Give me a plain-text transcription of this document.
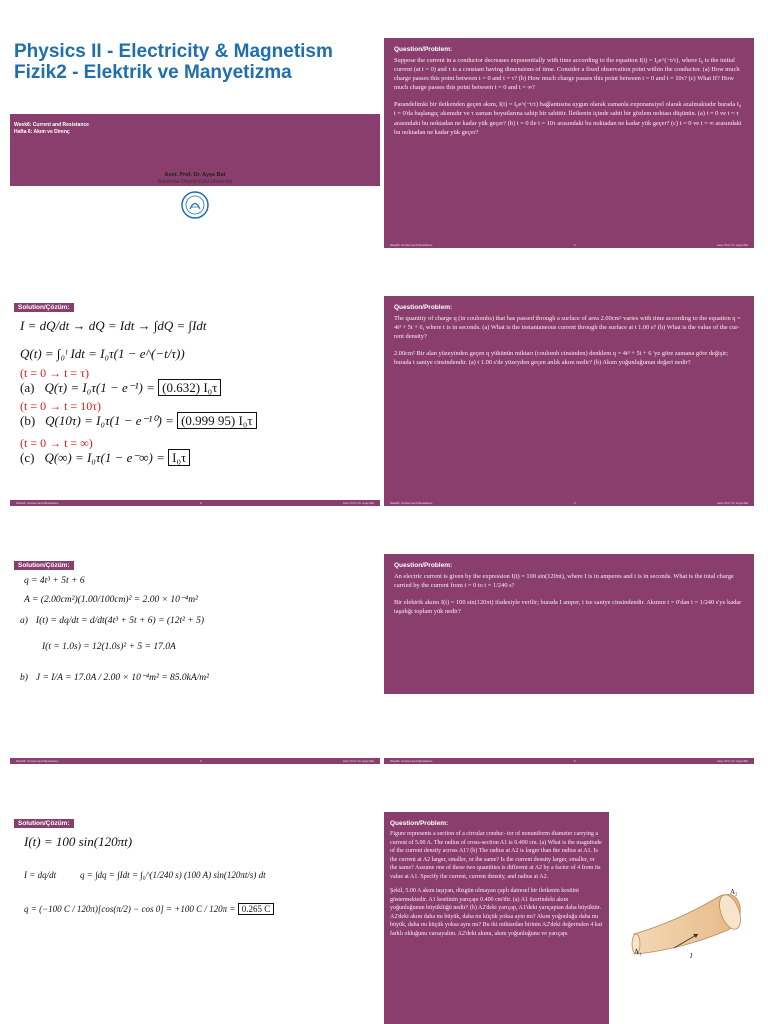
Physics II - Electricity & Magnetism
Fizik2 - Elektrik ve Manyetizma
Week6: Current and Resistance
Hafta 6: Akım ve Direnç
Asst. Prof. Dr. Ayşe Bat
Bandırma Onyedi Eylül University
Question/Problem:

Suppose the current in a conductor decreases exponentially with time according to the equation I(t) = I₀e^(−t/τ), where I₀ is the initial current (at t = 0) and τ is a constant having dimensions of time. Consider a fixed observation point within the conductor. (a) How much charge passes this point between t = 0 and t = τ? (b) How much charge passes this point between t = 0 and t = 10τ? (c) What If? How much charge passes this point between t = 0 and t = ∞?

Parandelimki bir iletkenden geçen akım, I(t) = I₀e^(−t/τ) bağlantısına uygun olarak zamanla exponansiyel olarak azalmaktadır burada I₀ t = 0'da başlangıç akımıdır ve τ zaman boyutlarına sahip bir sabittir. İletkenin içinde sabit bir gözlem noktası düşünün. (a) t = 0 ve t = τ arasındaki bu noktadan ne kadar yük geçer? (b) t = 0 ile t = 10τ arasındaki bu noktadan ne kadar yük geçer? (c) t = 0 ve t = ∞ arasındaki bu noktadan ne kadar yük geçer?

Week6: Current and Resistance	2	Asst. Prof. Dr. Ayşe Bat
Solution/Çözüm:
I = dQ/dt → dQ = Idt → ∫dQ = ∫Idt
Q(t) = ∫₀ᵗ Idt = I₀τ(1 − e^(−t/τ))
(t = 0 → t = τ)
(a) Q(τ) = I₀τ(1 − e⁻¹) = (0.632) I₀τ
(t = 0 → t = 10τ)
(b) Q(10τ) = I₀τ(1 − e⁻¹⁰) = (0.999 95) I₀τ
(t = 0 → t = ∞)
(c) Q(∞) = I₀τ(1 − e⁻∞) = I₀τ
Week6: Current and Resistance	3	Asst. Prof. Dr. Ayşe Bat
Question/Problem:

The quantity of charge q (in coulombs) that has passed through a surface of area 2.00cm² varies with time according to the equation q = 4t³ + 5t + 6, where t is in seconds. (a) What is the instantaneous current through the surface at t 1.00 s? (b) What is the value of the cur- rent density?

2.00cm² Bir alan yüzeyinden geçen q yükünün miktarı (coulomb cinsinden) denklem q = 4t³ + 5t + 6 'ye göre zamana göre değişir; burada t saniye cinsindendir. (a) t 1.00 s'de yüzeyden geçen anlık akım nedir? (b) Akım yoğunluğunun değeri nedir?

Week6: Current and Resistance	3	Asst. Prof. Dr. Ayşe Bat
Solution/Çözüm:
q = 4t³ + 5t + 6
A = (2.00cm²)(1.00/100cm)² = 2.00 × 10⁻⁴m²
a) I(t) = dq/dt = d/dt(4t³ + 5t + 6) = (12t² + 5)
I(t = 1.0s) = 12(1.0s)² + 5 = 17.0A
b) J = I/A = 17.0A / 2.00 × 10⁻⁴m² = 85.0kA/m²
Week6: Current and Resistance	4	Asst. Prof. Dr. Ayşe Bat
Question/Problem:

An electric current is given by the expression I(t) = 100 sin(120πt), where I is in amperes and t is in seconds. What is the total charge carried by the current from t = 0 to t = 1/240 s?

Bir elektrik akımı I(t) = 100 sin(120πt) ifadesiyle verilir; burada I amper, t ise saniye cinsindendir. Akımın t = 0'dan t = 1/240 s'ye kadar taşıdığı toplam yük nedir?

Week6: Current and Resistance	5	Asst. Prof. Dr. Ayşe Bat
Solution/Çözüm:
I(t) = 100 sin(120πt)
I = dq/dt	q = ∫dq = ∫Idt = ∫₀^(1/240 s) (100 A) sin(120πt/s) dt
q = (−100 C / 120π)[cos(π/2) − cos 0] = +100 C / 120π = 0.265 C
Question/Problem:

Figure represents a section of a circular conduc- tor of nonuniform diameter carrying a current of 5.00 A. The radius of cross-section A1 is 0.400 cm. (a) What is the magnitude of the current density across A1? (b) The radius at A2 is larger than the radius at A1. Is the current at A2 larger, smaller, or the same? Is the current density larger, smaller, or the same? Assume one of these two quantities is different at A2 by a factor of 4 from its value at A1. Specify the current, current density, and radius at A2.

Şekil, 5.00 A akım taşıyan, düzgün olmayan çaplı dairesel bir iletkenin kesitini göstermektedir. A1 kesitinin yarıçapı 0.400 cm'dir. (a) A1 üzerindeki akım yoğunluğunun büyüklüğü nedir? (b) A2'deki yarıçap, A1'deki yarıçaptan daha büyüktür. A2'deki akım daha mı büyük, daha mı küçük yoksa aynı mı? Akım yoğunluğu daha mı büyük, daha mı küçük yoksa aynı mı? Bu iki miktardan birinin A2'deki değerinden 4 kat farklı olduğunu varsayalım. A2'deki akımı, akım yoğunluğunu ve yarıçapı

A₁
A₂
I
